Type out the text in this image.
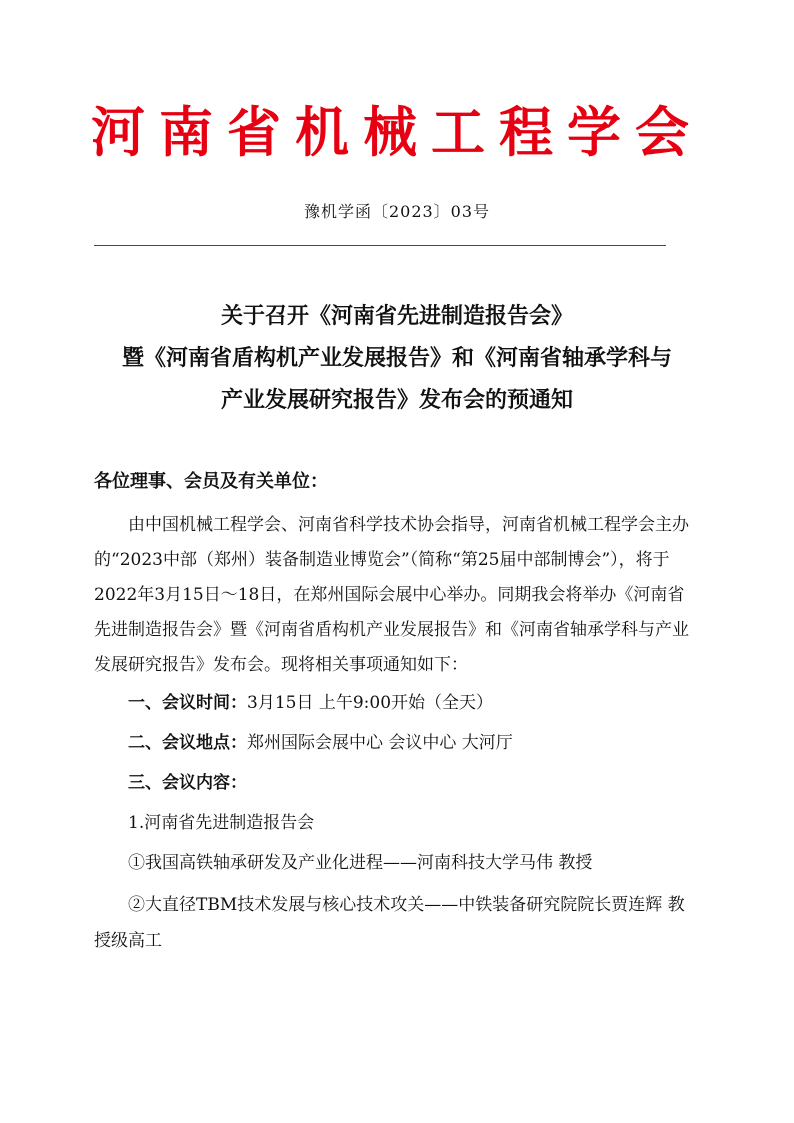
河南省机械工程学会
豫机学函〔2023〕03号
关于召开《河南省先进制造报告会》
暨《河南省盾构机产业发展报告》和《河南省轴承学科与
产业发展研究报告》发布会的预通知
各位理事、会员及有关单位：

由中国机械工程学会、河南省科学技术协会指导，河南省机械工程学会主办的“2023中部（郑州）装备制造业博览会”（简称“第25届中部制博会”），将于2022年3月15日～18日，在郑州国际会展中心举办。同期我会将举办《河南省先进制造报告会》暨《河南省盾构机产业发展报告》和《河南省轴承学科与产业发展研究报告》发布会。现将相关事项通知如下：

一、会议时间：3月15日 上午9:00开始（全天）

二、会议地点：郑州国际会展中心 会议中心 大河厅

三、会议内容：

1.河南省先进制造报告会

①我国高铁轴承研发及产业化进程——河南科技大学马伟 教授

②大直径TBM技术发展与核心技术攻关——中铁装备研究院院长贾连辉 教授级高工
